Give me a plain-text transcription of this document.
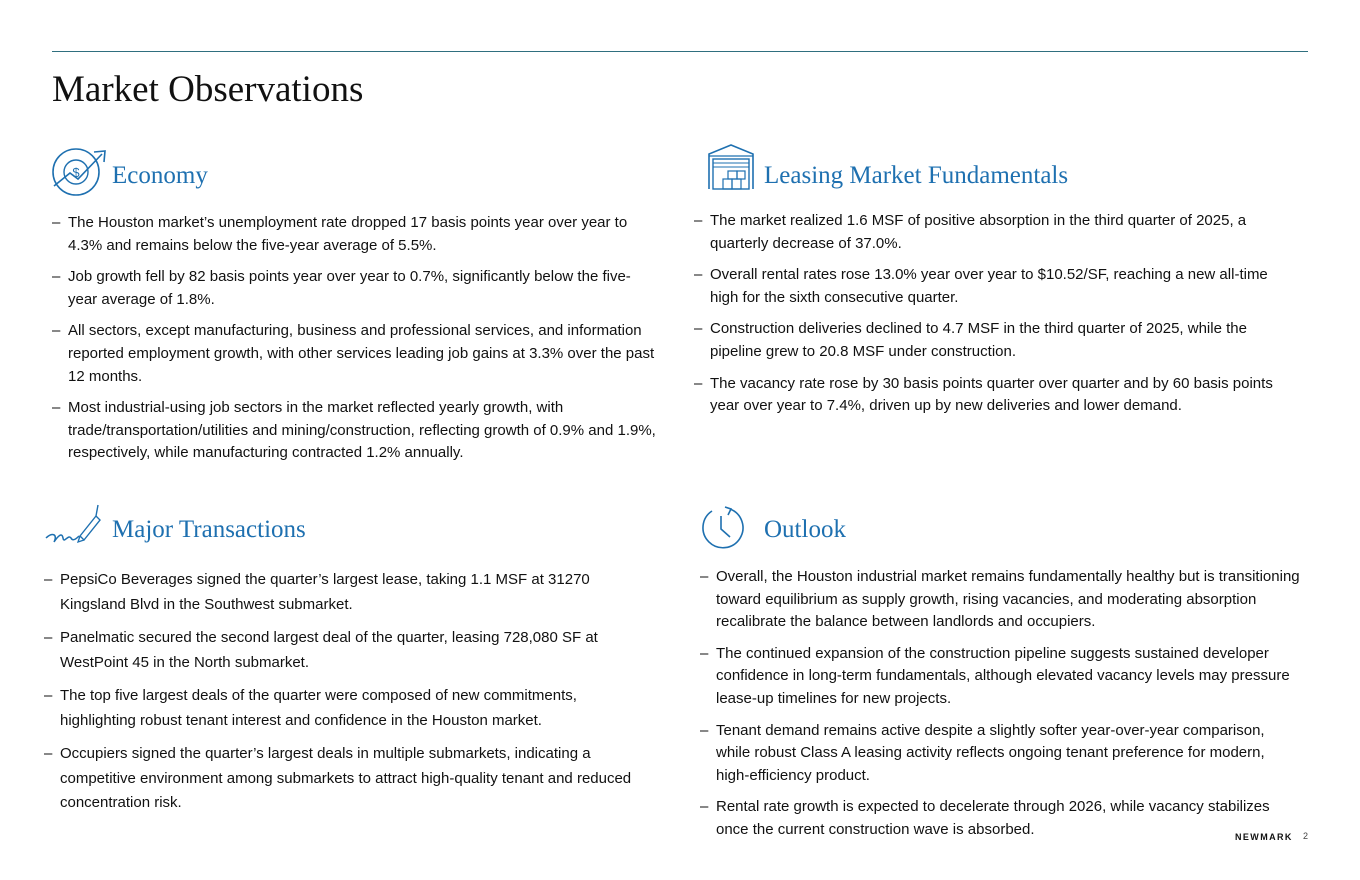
Market Observations
$ Economy
– The Houston market’s unemployment rate dropped 17 basis points year over year to 4.3% and remains below the five-year average of 5.5%.
– Job growth fell by 82 basis points year over year to 0.7%, significantly below the five-year average of 1.8%.
– All sectors, except manufacturing, business and professional services, and information reported employment growth, with other services leading job gains at 3.3% over the past 12 months.
– Most industrial-using job sectors in the market reflected yearly growth, with trade/transportation/utilities and mining/construction, reflecting growth of 0.9% and 1.9%, respectively, while manufacturing contracted 1.2% annually.
Leasing Market Fundamentals
– The market realized 1.6 MSF of positive absorption in the third quarter of 2025, a quarterly decrease of 37.0%.
– Overall rental rates rose 13.0% year over year to $10.52/SF, reaching a new all-time high for the sixth consecutive quarter.
– Construction deliveries declined to 4.7 MSF in the third quarter of 2025, while the pipeline grew to 20.8 MSF under construction.
– The vacancy rate rose by 30 basis points quarter over quarter and by 60 basis points year over year to 7.4%, driven up by new deliveries and lower demand.
Major Transactions
– PepsiCo Beverages signed the quarter’s largest lease, taking 1.1 MSF at 31270 Kingsland Blvd in the Southwest submarket.
– Panelmatic secured the second largest deal of the quarter, leasing 728,080 SF at WestPoint 45 in the North submarket.
– The top five largest deals of the quarter were composed of new commitments, highlighting robust tenant interest and confidence in the Houston market.
– Occupiers signed the quarter’s largest deals in multiple submarkets, indicating a competitive environment among submarkets to attract high-quality tenant and reduced concentration risk.
Outlook
– Overall, the Houston industrial market remains fundamentally healthy but is transitioning toward equilibrium as supply growth, rising vacancies, and moderating absorption recalibrate the balance between landlords and occupiers.
– The continued expansion of the construction pipeline suggests sustained developer confidence in long-term fundamentals, although elevated vacancy levels may pressure lease-up timelines for new projects.
– Tenant demand remains active despite a slightly softer year-over-year comparison, while robust Class A leasing activity reflects ongoing tenant preference for modern, high-efficiency product.
– Rental rate growth is expected to decelerate through 2026, while vacancy stabilizes once the current construction wave is absorbed.	NEWMARK 2
